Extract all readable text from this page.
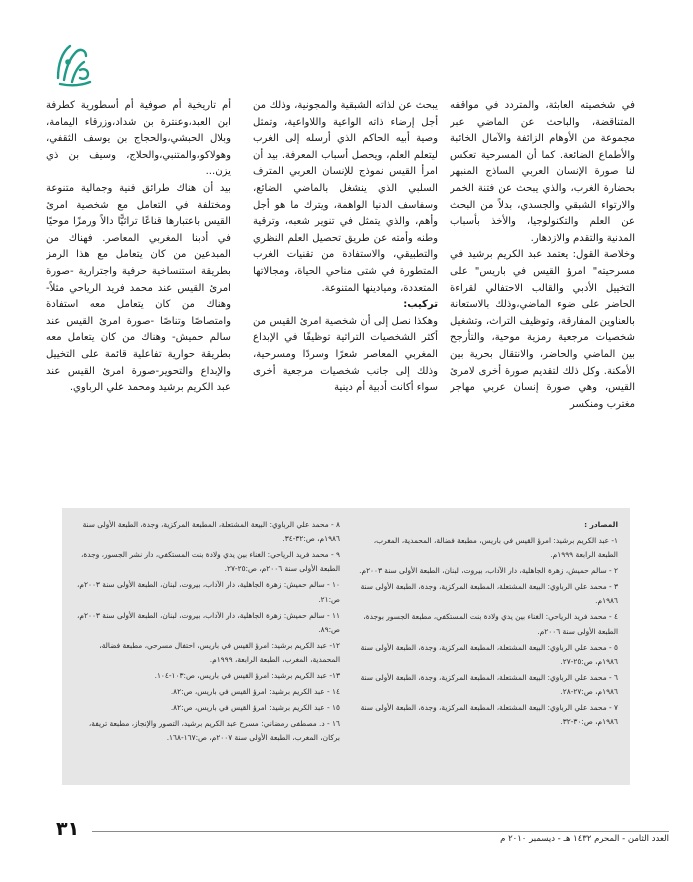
في شخصيته العابثة، والمتردد في مواقفه المتناقضة، والباحث عن الماضي عبر مجموعة من الأوهام الزائفة والآمال الخائبة والأطماع الضائعة. كما أن المسرحية تعكس لنا صورة الإنسان العربي الساذج المنبهر بحضارة الغرب، والذي يبحث عن فتنة الخمر والارتواء الشبقي والجسدي، بدلاً من البحث عن العلم والتكنولوجيا، والأخذ بأسباب المدنية والتقدم والازدهار.

وخلاصة القول: يعتمد عبد الكريم برشيد في مسرحيته" امرؤ القيس في باريس" على التخييل الأدبي والقالب الاحتفالي لقراءة الحاضر على ضوء الماضي،وذلك بالاستعانة بالعناوين المفارقة، وتوظيف التراث، وتشغيل شخصيات مرجعية رمزية موحية، والتأرجح بين الماضي والحاضر، والانتقال بحرية بين الأمكنة. وكل ذلك لتقديم صورة أخرى لامرئ القيس، وهي صورة إنسان عربي مهاجر مغترب ومنكسر

يبحث عن لذاته الشبقية والمجونية، وذلك من أجل إرضاء ذاته الواعية واللاواعية، وتمثل وصية أبيه الحاكم الذي أرسله إلى الغرب ليتعلم العلم، ويحصل أسباب المعرفة. بيد أن امرأ القيس نموذج للإنسان العربي المترف السلبي الذي ينشغل بالماضي الضائع، وسفاسف الدنيا الواهمة، ويترك ما هو أجل وأهم، والذي يتمثل في تنوير شعبه، وترقية وطنه وأمته عن طريق تحصيل العلم النظري والتطبيقي، والاستفادة من تقنيات الغرب المتطورة في شتى مناحي الحياة، ومجالاتها المتعددة، وميادينها المتنوعة.

تركيب:

وهكذا نصل إلى أن شخصية امرئ القيس من أكثر الشخصيات التراثية توظيفًا في الإبداع المغربي المعاصر شعرًا وسردًا ومسرحية، وذلك إلى جانب شخصيات مرجعية أخرى سواء أكانت أدبية أم دينية

أم تاريخية أم صوفية أم أسطورية كطرفة ابن العبد،وعنترة بن شداد،وزرقاء اليمامة، وبلال الحبشي،والحجاج بن يوسف الثقفي، وهولاكو،والمتنبي،والحلاج، وسيف بن ذي يزن...

بيد أن هناك طرائق فنية وجمالية متنوعة ومختلفة في التعامل مع شخصية امرئ القيس باعتبارها قناعًا تراثيًّا دالاً ورمزًا موحيًا في أدبنا المغربي المعاصر. فهناك من المبدعين من كان يتعامل مع هذا الرمز بطريقة استنساخية حرفية واجترارية -صورة امرئ القيس عند محمد فريد الرياحي مثلاً- وهناك من كان يتعامل معه استفادة وامتصاصًا وتناصًا -صورة امرئ القيس عند سالم حميش- وهناك من كان يتعامل معه بطريقة حوارية تفاعلية قائمة على التخييل والإبداع والتحوير-صورة امرئ القيس عند عبد الكريم برشيد ومحمد علي الرباوي.

المصادر :

١- عبد الكريم برشيد: امرؤ القيس في باريس، مطبعة فضالة، المحمدية، المغرب، الطبعة الرابعة ١٩٩٩م.

٢ - سالم حميش، زهرة الجاهلية، دار الآداب، بيروت، لبنان، الطبعة الأولى سنة ٢٠٠٣م.

٣ - محمد علي الرباوي: البيعة المشتعلة، المطبعة المركزية، وجدة، الطبعة الأولى سنة ١٩٨٦م.

٤ - محمد فريد الرياحي: الغناء بين يدي ولادة بنت المستكفي، مطبعة الجسور بوجدة، الطبعة الأولى سنة ٢٠٠٦م.

٥ - محمد علي الرباوي: البيعة المشتعلة، المطبعة المركزية، وجدة، الطبعة الأولى سنة ١٩٨٦م، ص:٢٥-٢٧.

٦ - محمد علي الرباوي: البيعة المشتعلة، المطبعة المركزية، وجدة، الطبعة الأولى سنة ١٩٨٦م، ص:٢٧-٢٨.

٧ - محمد علي الرباوي: البيعة المشتعلة، المطبعة المركزية، وجدة، الطبعة الأولى سنة ١٩٨٦م، ص:٣٠-٣٢.

٨ - محمد علي الرباوي: البيعة المشتعلة، المطبعة المركزية، وجدة، الطبعة الأولى سنة ١٩٨٦م، ص:٣٢-٣٤.

٩ - محمد فريد الرياحي: الغناء بين يدي ولادة بنت المستكفي، دار نشر الجسور، وجدة، الطبعة الأولى سنة ٢٠٠٦م، ص:٢٥-٢٧.

١٠ - سالم حميش: زهرة الجاهلية، دار الآداب، بيروت، لبنان، الطبعة الأولى سنة ٢٠٠٣م، ص:٢١.

١١ - سالم حميش: زهرة الجاهلية، دار الآداب، بيروت، لبنان، الطبعة الأولى سنة ٢٠٠٣م، ص:٨٩.

١٢- عبد الكريم برشيد: امرؤ القيس في باريس، احتفال مسرحي، مطبعة فضالة، المحمدية، المغرب، الطبعة الرابعة، ١٩٩٩م.

١٣- عبد الكريم برشيد: امرؤ القيس في باريس، ص:١٠٣-١٠٤.

١٤ - عبد الكريم برشيد: امرؤ القيس في باريس، ص:٨٢.

١٥ - عبد الكريم برشيد: امرؤ القيس في باريس، ص:٨٢.

١٦ - د. مصطفى رمضاني: مسرح عبد الكريم برشيد، التصور والإنجاز، مطبعة تريفة، بركان، المغرب، الطبعة الأولى سنة ٢٠٠٧م، ص:١٦٧-١٦٨.

٣١	العدد الثامن - المحرم ١٤٣٢ هـ - ديسمبر ٢٠١٠ م
